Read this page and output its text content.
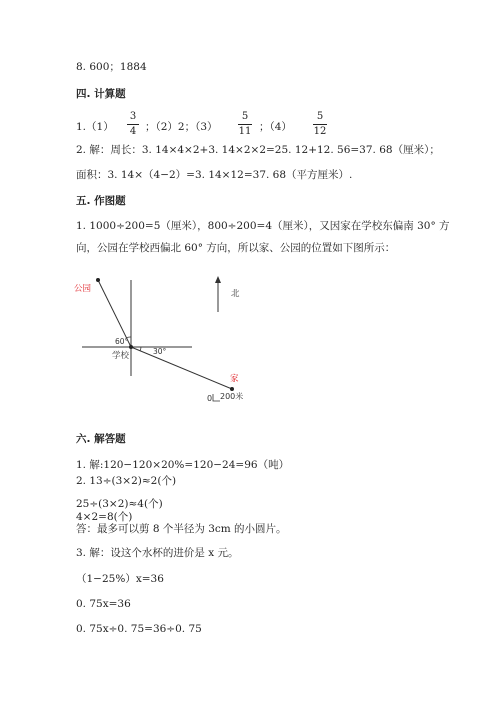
8. 600；1884
四. 计算题
1.（1）
3
4 ；（2）2；（3）
5
11 ；（4）
5
12
2. 解：周长：3. 14×4×2+3. 14×2×2=25. 12+12. 56=37. 68（厘米）；
面积：3. 14×（4−2）=3. 14×12=37. 68（平方厘米）.
五. 作图题
1. 1000÷200=5（厘米），800÷200=4（厘米），又因家在学校东偏南 30° 方
向，公园在学校西偏北 60° 方向，所以家、公园的位置如下图所示：
公园
学校
家
60°
30°
北
0 200米
六. 解答题
1. 解:120−120×20%=120−24=96（吨）
2. 13÷(3×2)≈2(个)
25÷(3×2)≈4(个)
4×2=8(个)
答：最多可以剪 8 个半径为 3cm 的小圆片。
3. 解：设这个水杯的进价是 x 元。
（1−25%）x=36
0. 75x=36
0. 75x÷0. 75=36÷0. 75
